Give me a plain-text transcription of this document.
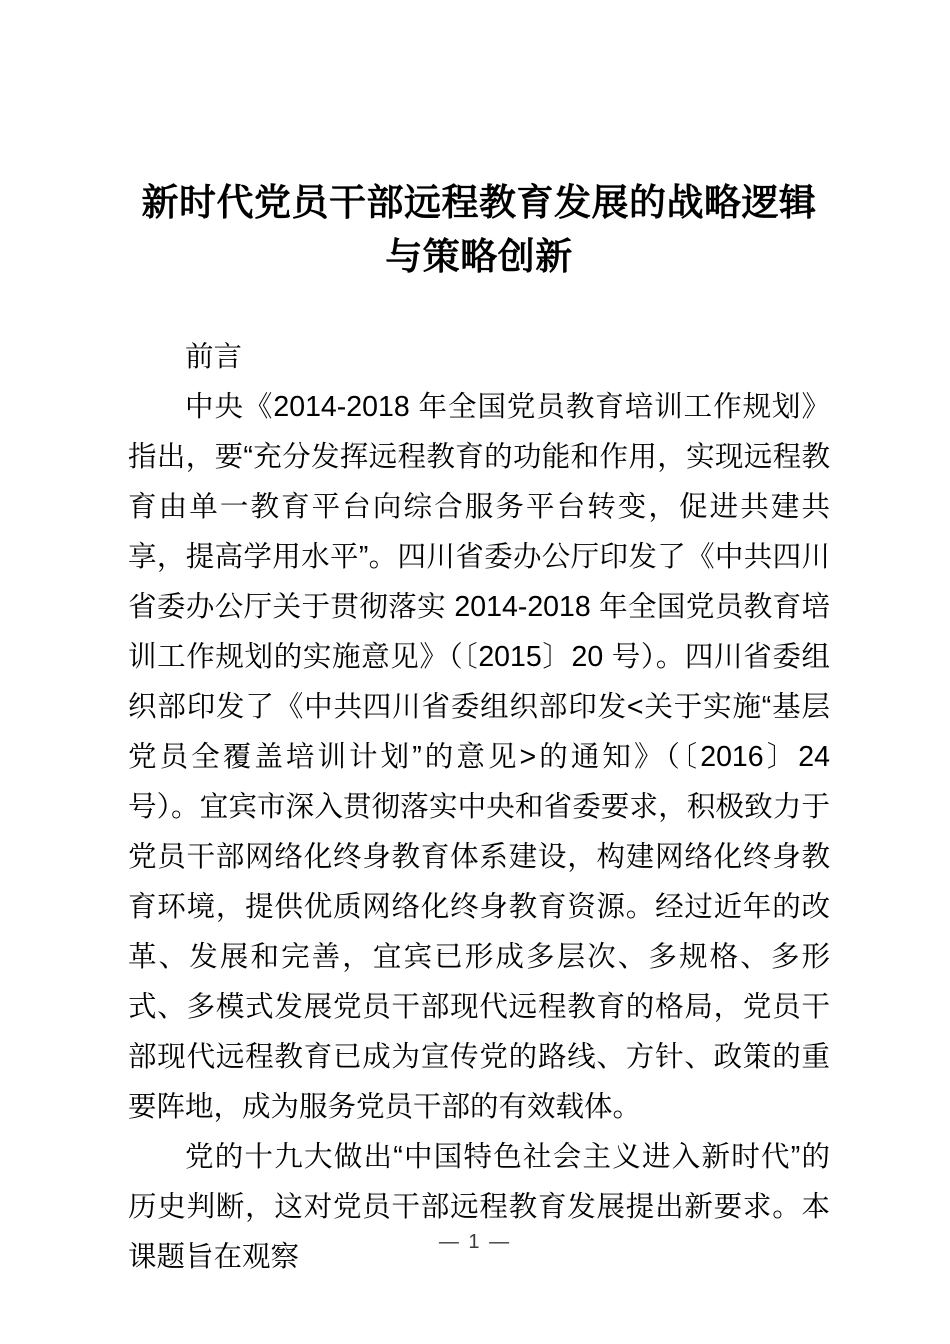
新时代党员干部远程教育发展的战略逻辑与策略创新

前言

中央《2014-2018 年全国党员教育培训工作规划》指出，要“充分发挥远程教育的功能和作用，实现远程教育由单一教育平台向综合服务平台转变，促进共建共享，提高学用水平”。四川省委办公厅印发了《中共四川省委办公厅关于贯彻落实 2014-2018 年全国党员教育培训工作规划的实施意见》（〔2015〕20 号）。四川省委组织部印发了《中共四川省委组织部印发<关于实施“基层党员全覆盖培训计划”的意见>的通知》（〔2016〕24 号）。宜宾市深入贯彻落实中央和省委要求，积极致力于党员干部网络化终身教育体系建设，构建网络化终身教育环境，提供优质网络化终身教育资源。经过近年的改革、发展和完善，宜宾已形成多层次、多规格、多形式、多模式发展党员干部现代远程教育的格局，党员干部现代远程教育已成为宣传党的路线、方针、政策的重要阵地，成为服务党员干部的有效载体。

党的十九大做出“中国特色社会主义进入新时代”的历史判断，这对党员干部远程教育发展提出新要求。本课题旨在观察	— 1 —
